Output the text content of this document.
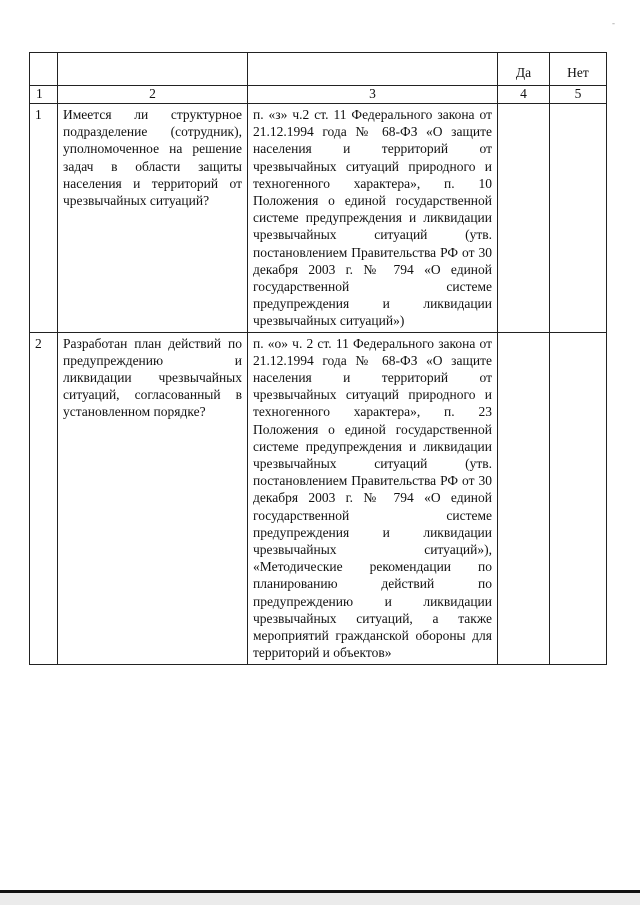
-
			Да	Нет
1	2	3	4	5
1	Имеется ли структурное подразделение (сотрудник), уполномоченное на решение задач в области защиты населения и территорий от чрезвычайных ситуаций?	п. «з» ч.2 ст. 11 Федерального закона от 21.12.1994 года № 68-ФЗ «О защите населения и территорий от чрезвычайных ситуаций природного и техногенного характера», п. 10 Положения о единой государственной системе предупреждения и ликвидации чрезвычайных ситуаций (утв. постановлением Правительства РФ от 30 декабря 2003 г. № 794 «О единой государственной системе предупреждения и ликвидации чрезвычайных ситуаций»)		
2	Разработан план действий по предупреждению и ликвидации чрезвычайных ситуаций, согласованный в установленном порядке?	п. «о» ч. 2 ст. 11 Федерального закона от 21.12.1994 года № 68-ФЗ «О защите населения и территорий от чрезвычайных ситуаций природного и техногенного характера», п. 23 Положения о единой государственной системе предупреждения и ликвидации чрезвычайных ситуаций (утв. постановлением Правительства РФ от 30 декабря 2003 г. № 794 «О единой государственной системе предупреждения и ликвидации чрезвычайных ситуаций»), «Методические рекомендации по планированию действий по предупреждению и ликвидации чрезвычайных ситуаций, а также мероприятий гражданской обороны для территорий и объектов»		
